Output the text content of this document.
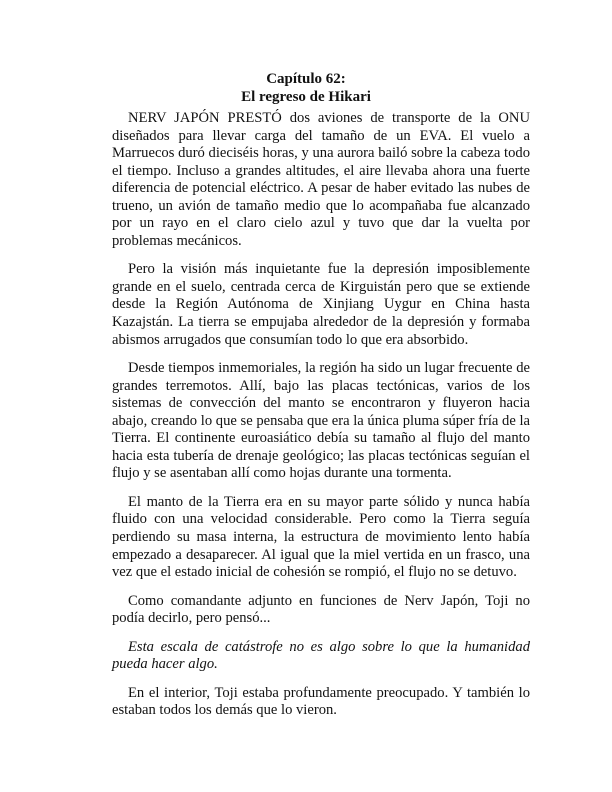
Capítulo 62:
El regreso de Hikari

NERV JAPÓN PRESTÓ dos aviones de transporte de la ONU diseñados para llevar carga del tamaño de un EVA. El vuelo a Marruecos duró dieciséis horas, y una aurora bailó sobre la cabeza todo el tiempo. Incluso a grandes altitudes, el aire llevaba ahora una fuerte diferencia de potencial eléctrico. A pesar de haber evitado las nubes de trueno, un avión de tamaño medio que lo acompañaba fue alcanzado por un rayo en el claro cielo azul y tuvo que dar la vuelta por problemas mecánicos.

Pero la visión más inquietante fue la depresión imposiblemente grande en el suelo, centrada cerca de Kirguistán pero que se extiende desde la Región Autónoma de Xinjiang Uygur en China hasta Kazajstán. La tierra se empujaba alrededor de la depresión y formaba abismos arrugados que consumían todo lo que era absorbido.

Desde tiempos inmemoriales, la región ha sido un lugar frecuente de grandes terremotos. Allí, bajo las placas tectónicas, varios de los sistemas de convección del manto se encontraron y fluyeron hacia abajo, creando lo que se pensaba que era la única pluma súper fría de la Tierra. El continente euroasiático debía su tamaño al flujo del manto hacia esta tubería de drenaje geológico; las placas tectónicas seguían el flujo y se asentaban allí como hojas durante una tormenta.

El manto de la Tierra era en su mayor parte sólido y nunca había fluido con una velocidad considerable. Pero como la Tierra seguía perdiendo su masa interna, la estructura de movimiento lento había empezado a desaparecer. Al igual que la miel vertida en un frasco, una vez que el estado inicial de cohesión se rompió, el flujo no se detuvo.

Como comandante adjunto en funciones de Nerv Japón, Toji no podía decirlo, pero pensó...

Esta escala de catástrofe no es algo sobre lo que la humanidad pueda hacer algo.

En el interior, Toji estaba profundamente preocupado. Y también lo estaban todos los demás que lo vieron.
